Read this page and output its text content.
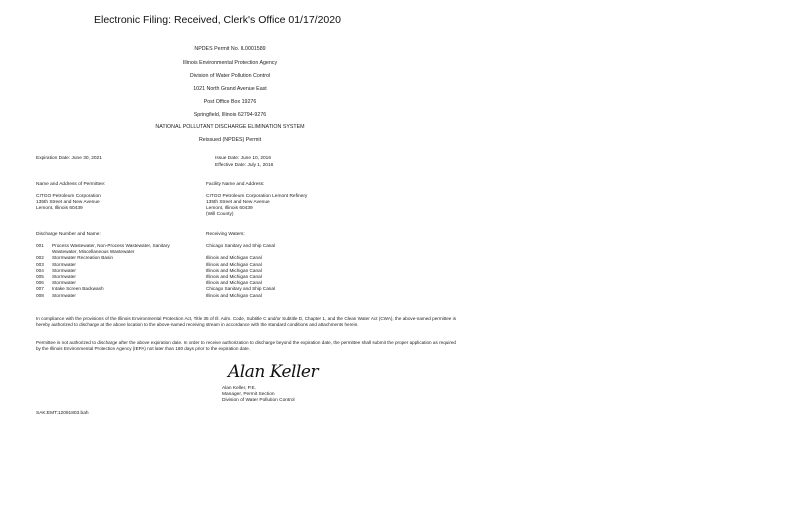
Electronic Filing: Received, Clerk's Office 01/17/2020
NPDES Permit No. IL0001589
Illinois Environmental Protection Agency
Division of Water Pollution Control
1021 North Grand Avenue East
Post Office Box 19276
Springfield, Illinois 62794-9276
NATIONAL POLLUTANT DISCHARGE ELIMINATION SYSTEM
Reissued (NPDES) Permit
Expiration Date: June 30, 2021	Issue Date: June 10, 2016
Effective Date: July 1, 2016
Name and Address of Permittee:
CITGO Petroleum Corporation
135th Street and New Avenue
Lemont, Illinois 60439
Facility Name and Address:
CITGO Petroleum Corporation Lemont Refinery
135th Street and New Avenue
Lemont, Illinois 60439
(Will County)
Discharge Number and Name:	Receiving Waters:
001 Process Wastewater, Non-Process Wastewater, Sanitary	Chicago Sanitary and Ship Canal
Wastewater, Miscellaneous Wastewater
002 Stormwater Recreation Basin	Illinois and Michigan Canal
003 Stormwater	Illinois and Michigan Canal
004 Stormwater	Illinois and Michigan Canal
005 Stormwater	Illinois and Michigan Canal
006 Stormwater	Illinois and Michigan Canal
007 Intake Screen Backwash	Chicago Sanitary and Ship Canal
008 Stormwater	Illinois and Michigan Canal
In compliance with the provisions of the Illinois Environmental Protection Act, Title 35 of Ill. Adm. Code, Subtitle C and/or Subtitle D, Chapter 1, and the Clean Water Act (CWA), the above-named permittee is hereby authorized to discharge at the above location to the above-named receiving stream in accordance with the standard conditions and attachments herein.
Permittee is not authorized to discharge after the above expiration date. In order to receive authorization to discharge beyond the expiration date, the permittee shall submit the proper application as required by the Illinois Environmental Protection Agency (IEPA) not later than 180 days prior to the expiration date.
Alan Keller
Alan Keller, P.E.
Manager, Permit Section
Division of Water Pollution Control
SAK:EMT:12091803.bah
